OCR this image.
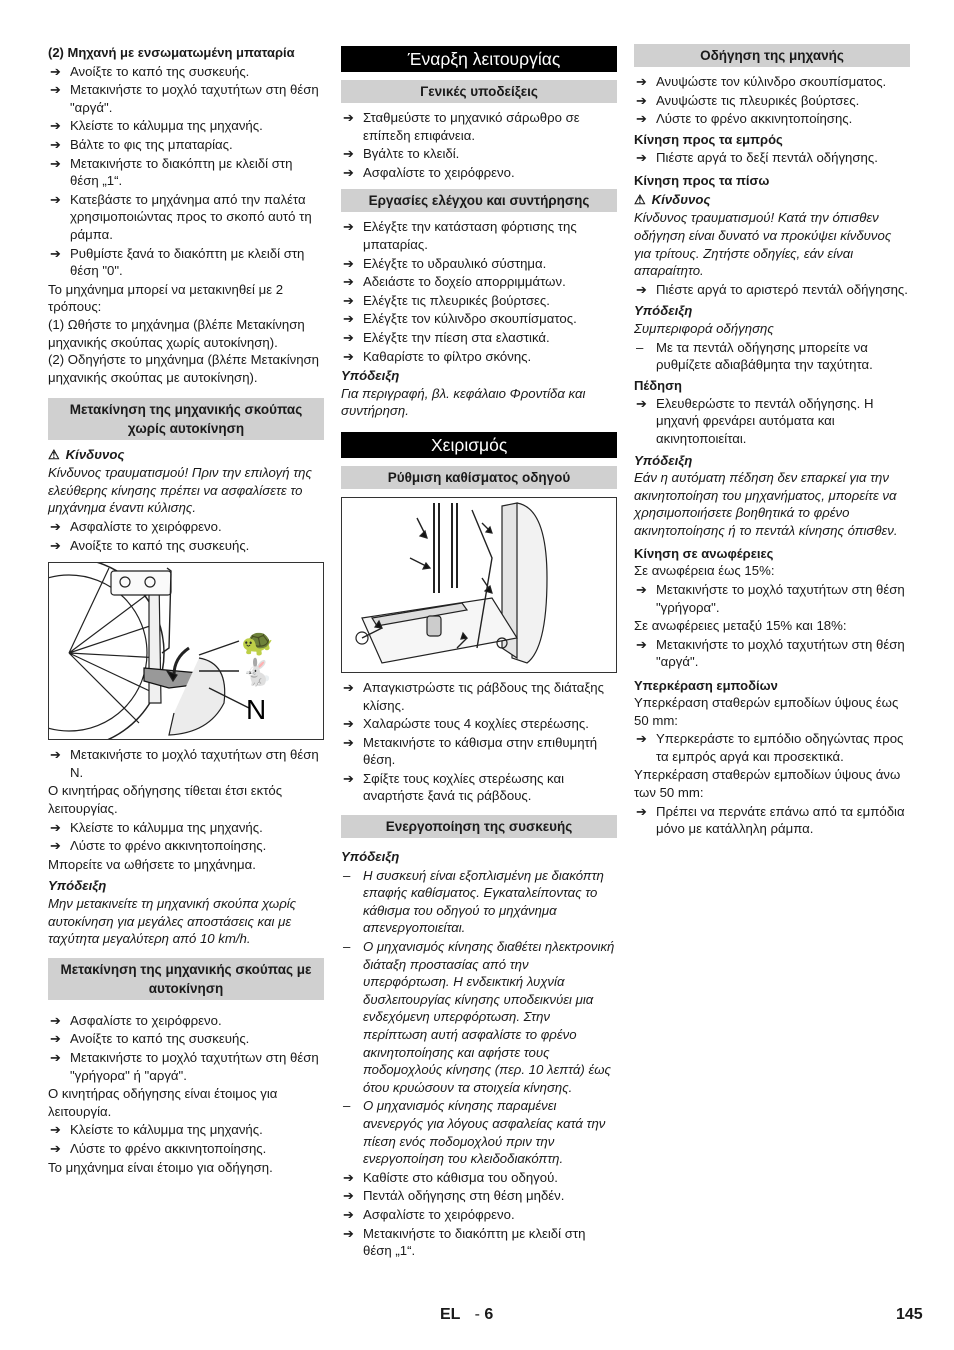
(2) Μηχανή με ενσωματωμένη μπαταρία

➔ Ανοίξτε το καπό της συσκευής.
➔ Μετακινήστε το μοχλό ταχυτήτων στη θέση "αργά".
➔ Κλείστε το κάλυμμα της μηχανής.
➔ Βάλτε το φις της μπαταρίας.
➔ Μετακινήστε το διακόπτη με κλειδί στη θέση „1“.
➔ Κατεβάστε το μηχάνημα από την παλέτα χρησιμοποιώντας προς το σκοπό αυτό τη ράμπα.
➔ Ρυθμίστε ξανά το διακόπτη με κλειδί στη θέση "0".

Το μηχάνημα μπορεί να μετακινηθεί με 2 τρόπους:

(1) Ωθήστε το μηχάνημα (βλέπε Μετακίνηση μηχανικής σκούπας χωρίς αυτοκίνηση).

(2) Οδηγήστε το μηχάνημα (βλέπε Μετακίνηση μηχανικής σκούπας με αυτοκίνηση).

Μετακίνηση της μηχανικής σκούπας χωρίς αυτοκίνηση

⚠ Κίνδυνος

Κίνδυνος τραυματισμού! Πριν την επιλογή της ελεύθερης κίνησης πρέπει να ασφαλίσετε το μηχάνημα έναντι κύλισης.

➔ Ασφαλίστε το χειρόφρενο.
➔ Ανοίξτε το καπό της συσκευής.
🐢
🐇
N
➔ Μετακινήστε το μοχλό ταχυτήτων στη θέση N.

Ο κινητήρας οδήγησης τίθεται έτσι εκτός λειτουργίας.

➔ Κλείστε το κάλυμμα της μηχανής.
➔ Λύστε το φρένο ακκινητοποίησης.

Μπορείτε να ωθήσετε το μηχάνημα.

Υπόδειξη

Μην μετακινείτε τη μηχανική σκούπα χωρίς αυτοκίνηση για μεγάλες αποστάσεις και με ταχύτητα μεγαλύτερη από 10 km/h.

Μετακίνηση της μηχανικής σκούπας με αυτοκίνηση
➔ Ασφαλίστε το χειρόφρενο.
➔ Ανοίξτε το καπό της συσκευής.
➔ Μετακινήστε το μοχλό ταχυτήτων στη θέση "γρήγορα" ή "αργά".

Ο κινητήρας οδήγησης είναι έτοιμος για λειτουργία.

➔ Κλείστε το κάλυμμα της μηχανής.
➔ Λύστε το φρένο ακκινητοποίησης.

Το μηχάνημα είναι έτοιμο για οδήγηση.

Έναρξη λειτουργίας
Γενικές υποδείξεις
➔ Σταθμεύστε το μηχανικό σάρωθρο σε επίπεδη επιφάνεια.
➔ Βγάλτε το κλειδί.
➔ Ασφαλίστε το χειρόφρενο.
Εργασίες ελέγχου και συντήρησης
➔ Ελέγξτε την κατάσταση φόρτισης της μπαταρίας.
➔ Ελέγξτε το υδραυλικό σύστημα.
➔ Αδειάστε το δοχείο απορριμμάτων.
➔ Ελέγξτε τις πλευρικές βούρτσες.
➔ Ελέγξτε τον κύλινδρο σκουπίσματος.
➔ Ελέγξτε την πίεση στα ελαστικά.
➔ Καθαρίστε το φίλτρο σκόνης.

Υπόδειξη

Για περιγραφή, βλ. κεφάλαιο Φροντίδα και συντήρηση.

Χειρισμός
Ρύθμιση καθίσματος οδηγού
➔ Απαγκιστρώστε τις ράβδους της διάταξης κλίσης.
➔ Χαλαρώστε τους 4 κοχλίες στερέωσης.
➔ Μετακινήστε το κάθισμα στην επιθυμητή θέση.
➔ Σφίξτε τους κοχλίες στερέωσης και αναρτήστε ξανά τις ράβδους.
Ενεργοποίηση της συσκευής

Υπόδειξη

– Η συσκευή είναι εξοπλισμένη με διακόπτη επαφής καθίσματος. Εγκαταλείποντας το κάθισμα του οδηγού το μηχάνημα απενεργοποιείται.
– Ο μηχανισμός κίνησης διαθέτει ηλεκτρονική διάταξη προστασίας από την υπερφόρτωση. Η ενδεικτική λυχνία δυσλειτουργίας κίνησης υποδεικνύει μια ενδεχόμενη υπερφόρτωση. Στην περίπτωση αυτή ασφαλίστε το φρένο ακινητοποίησης και αφήστε τους ποδομοχλούς κίνησης (περ. 10 λεπτά) έως ότου κρυώσουν τα στοιχεία κίνησης.
– Ο μηχανισμός κίνησης παραμένει ανενεργός για λόγους ασφαλείας κατά την πίεση ενός ποδομοχλού πριν την ενεργοποίηση του κλειδοδιακόπτη.
➔ Καθίστε στο κάθισμα του οδηγού.
➔ Πεντάλ οδήγησης στη θέση μηδέν.
➔ Ασφαλίστε το χειρόφρενο.
➔ Μετακινήστε το διακόπτη με κλειδί στη θέση „1“.
Οδήγηση της μηχανής
➔ Ανυψώστε τον κύλινδρο σκουπίσματος.
➔ Ανυψώστε τις πλευρικές βούρτσες.
➔ Λύστε το φρένο ακκινητοποίησης.

Κίνηση προς τα εμπρός

➔ Πιέστε αργά το δεξί πεντάλ οδήγησης.

Κίνηση προς τα πίσω

⚠ Κίνδυνος

Κίνδυνος τραυματισμού! Κατά την όπισθεν οδήγηση είναι δυνατό να προκύψει κίνδυνος για τρίτους. Ζητήστε οδηγίες, εάν είναι απαραίτητο.

➔ Πιέστε αργά το αριστερό πεντάλ οδήγησης.

Υπόδειξη

Συμπεριφορά οδήγησης

– Με τα πεντάλ οδήγησης μπορείτε να ρυθμίζετε αδιαβάθμητα την ταχύτητα.

Πέδηση

➔ Ελευθερώστε το πεντάλ οδήγησης. Η μηχανή φρενάρει αυτόματα και ακινητοποιείται.

Υπόδειξη

Εάν η αυτόματη πέδηση δεν επαρκεί για την ακινητοποίηση του μηχανήματος, μπορείτε να χρησιμοποιήσετε βοηθητικά το φρένο ακινητοποίησης ή το πεντάλ κίνησης όπισθεν.

Κίνηση σε ανωφέρειες

Σε ανωφέρεια έως 15%:

➔ Μετακινήστε το μοχλό ταχυτήτων στη θέση "γρήγορα".

Σε ανωφέρειες μεταξύ 15% και 18%:

➔ Μετακινήστε το μοχλό ταχυτήτων στη θέση "αργά".

Υπερκέραση εμποδίων

Υπερκέραση σταθερών εμποδίων ύψους έως 50 mm:

➔ Υπερκεράστε το εμπόδιο οδηγώντας προς τα εμπρός αργά και προσεκτικά.

Υπερκέραση σταθερών εμποδίων ύψους άνω των 50 mm:

➔ Πρέπει να περνάτε επάνω από τα εμπόδια μόνο με κατάλληλη ράμπα.
EL - 6	145
